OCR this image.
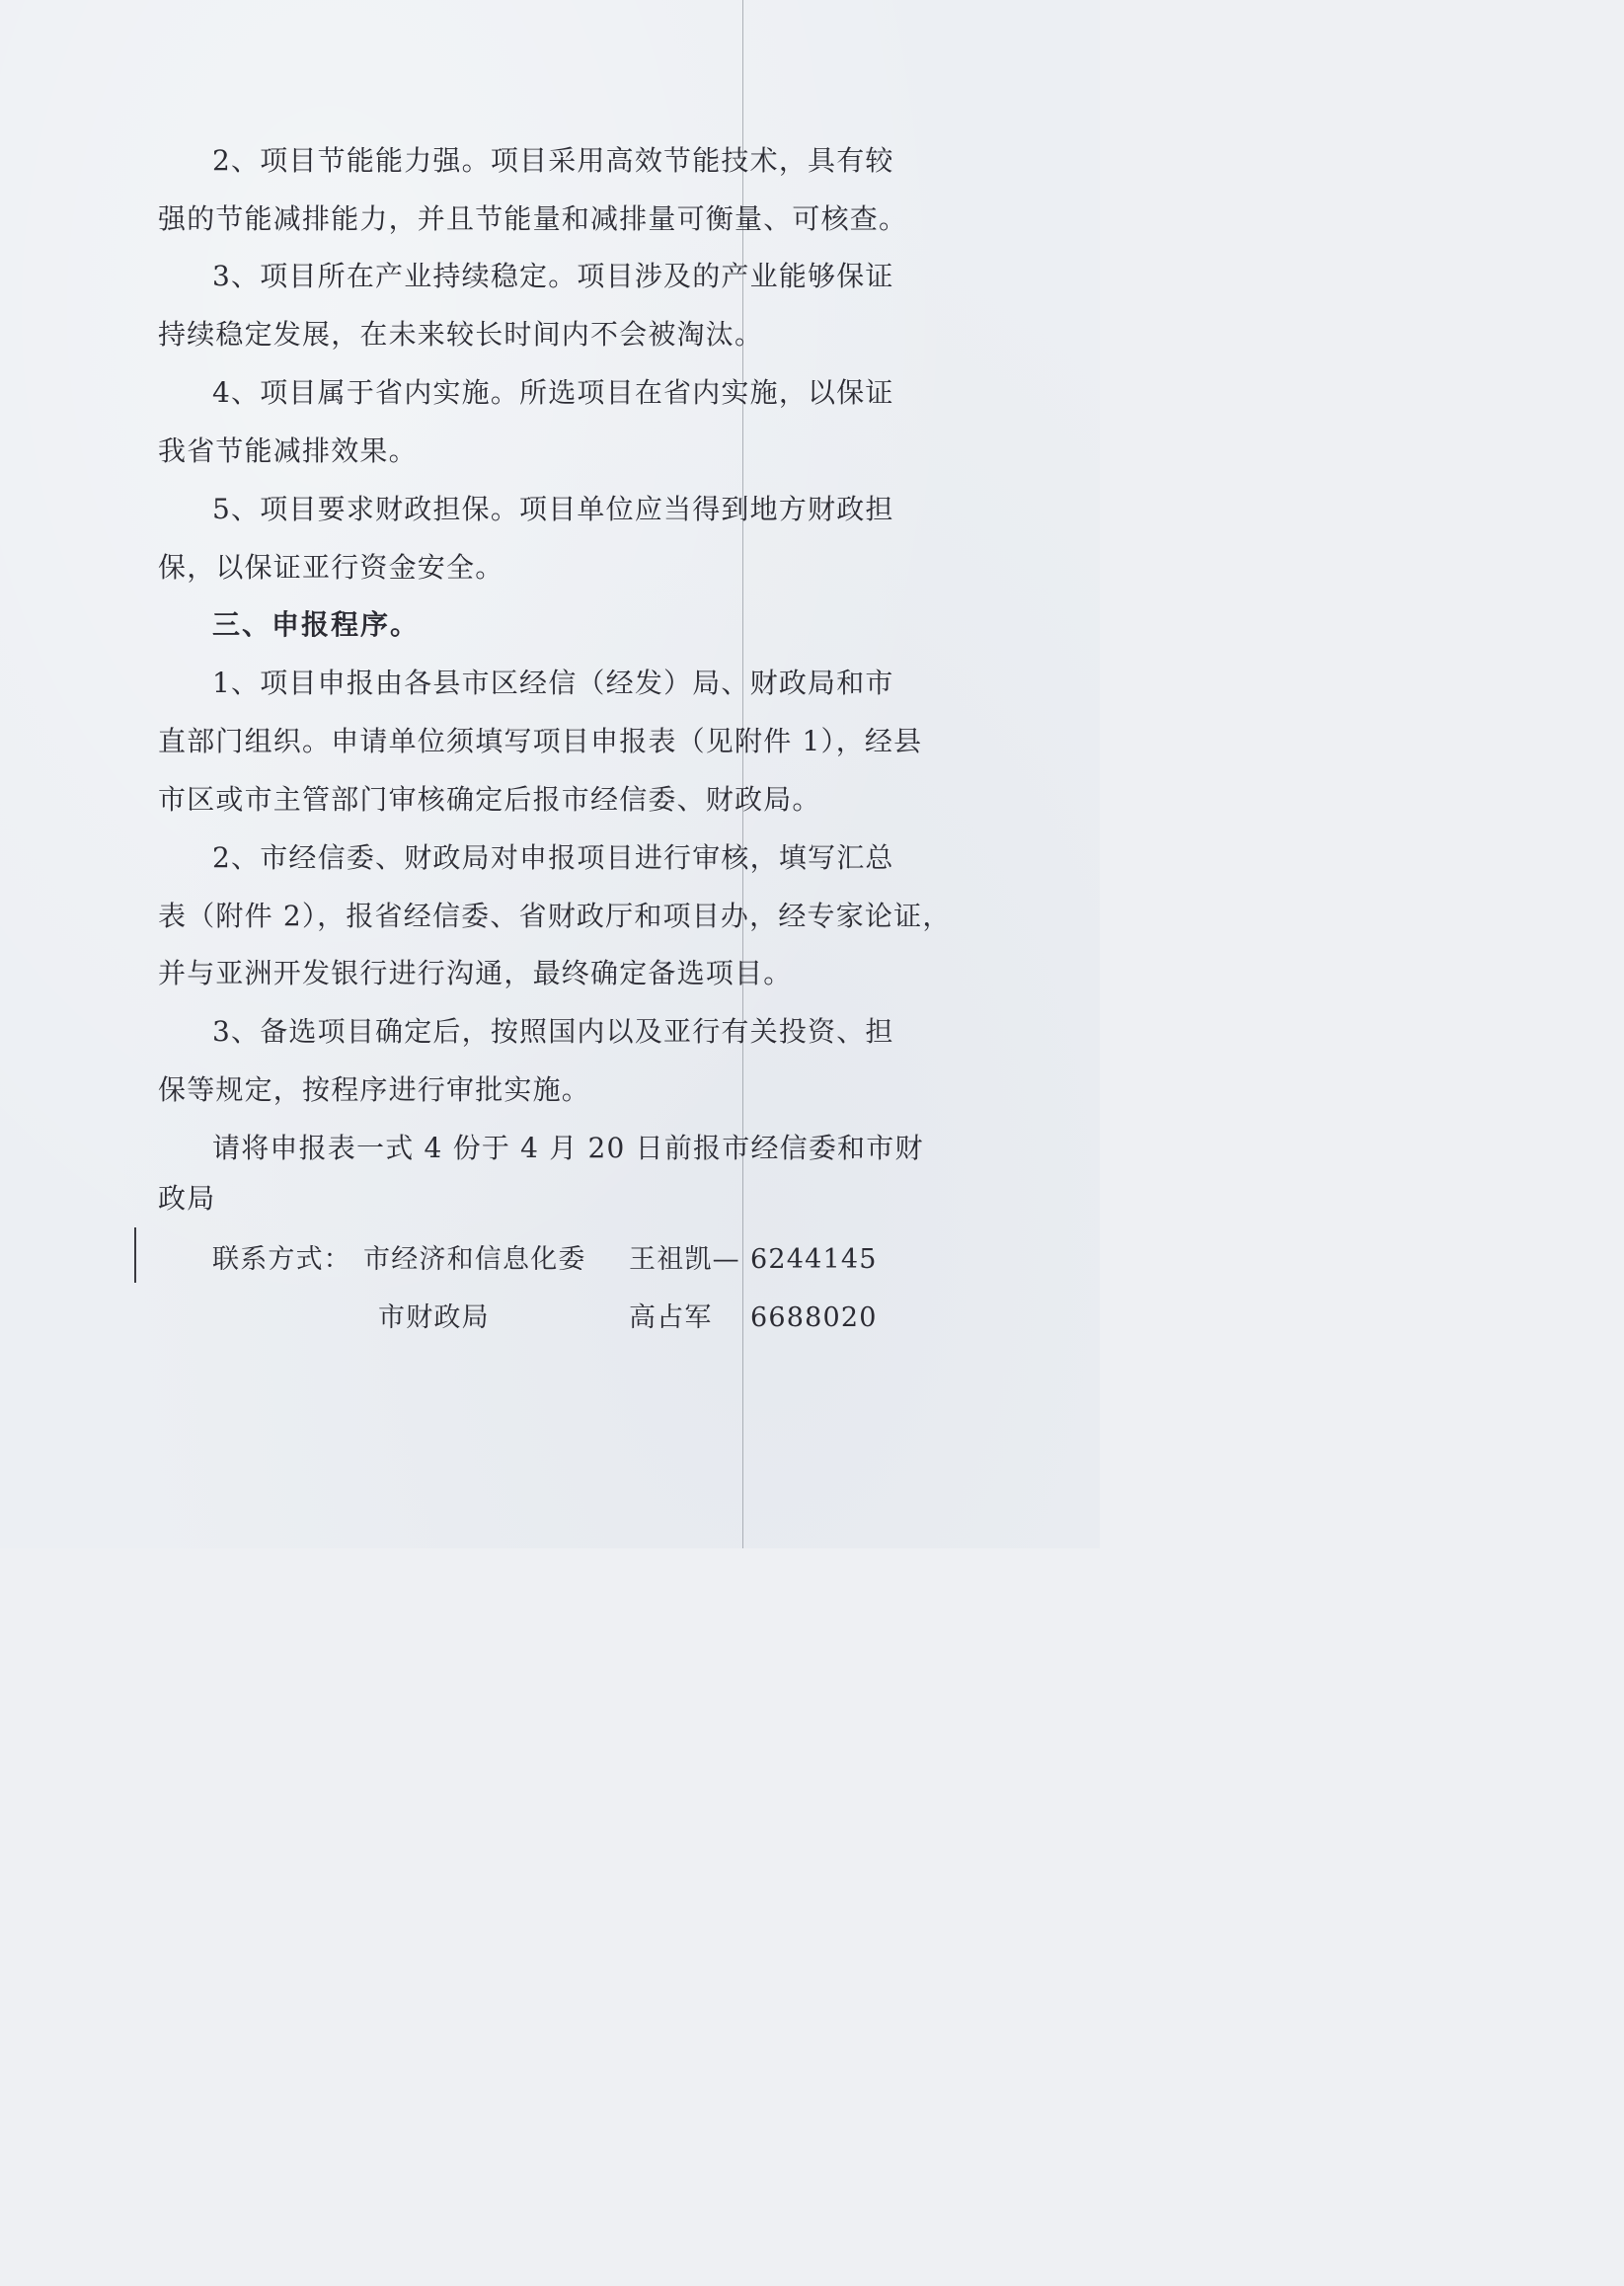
2、项目节能能力强。项目采用高效节能技术，具有较

强的节能减排能力，并且节能量和减排量可衡量、可核查。

3、项目所在产业持续稳定。项目涉及的产业能够保证

持续稳定发展，在未来较长时间内不会被淘汰。

4、项目属于省内实施。所选项目在省内实施，以保证

我省节能减排效果。

5、项目要求财政担保。项目单位应当得到地方财政担

保，以保证亚行资金安全。

三、申报程序。

1、项目申报由各县市区经信（经发）局、财政局和市

直部门组织。申请单位须填写项目申报表（见附件 1），经县

市区或市主管部门审核确定后报市经信委、财政局。

2、市经信委、财政局对申报项目进行审核，填写汇总

表（附件 2），报省经信委、省财政厅和项目办，经专家论证，

并与亚洲开发银行进行沟通，最终确定备选项目。

3、备选项目确定后，按照国内以及亚行有关投资、担

保等规定，按程序进行审批实施。

请将申报表一式 4 份于 4 月 20 日前报市经信委和市财

政局

联系方式： 市经济和信息化委 王祖凯— 6244145

市财政局	高占军 6688020
